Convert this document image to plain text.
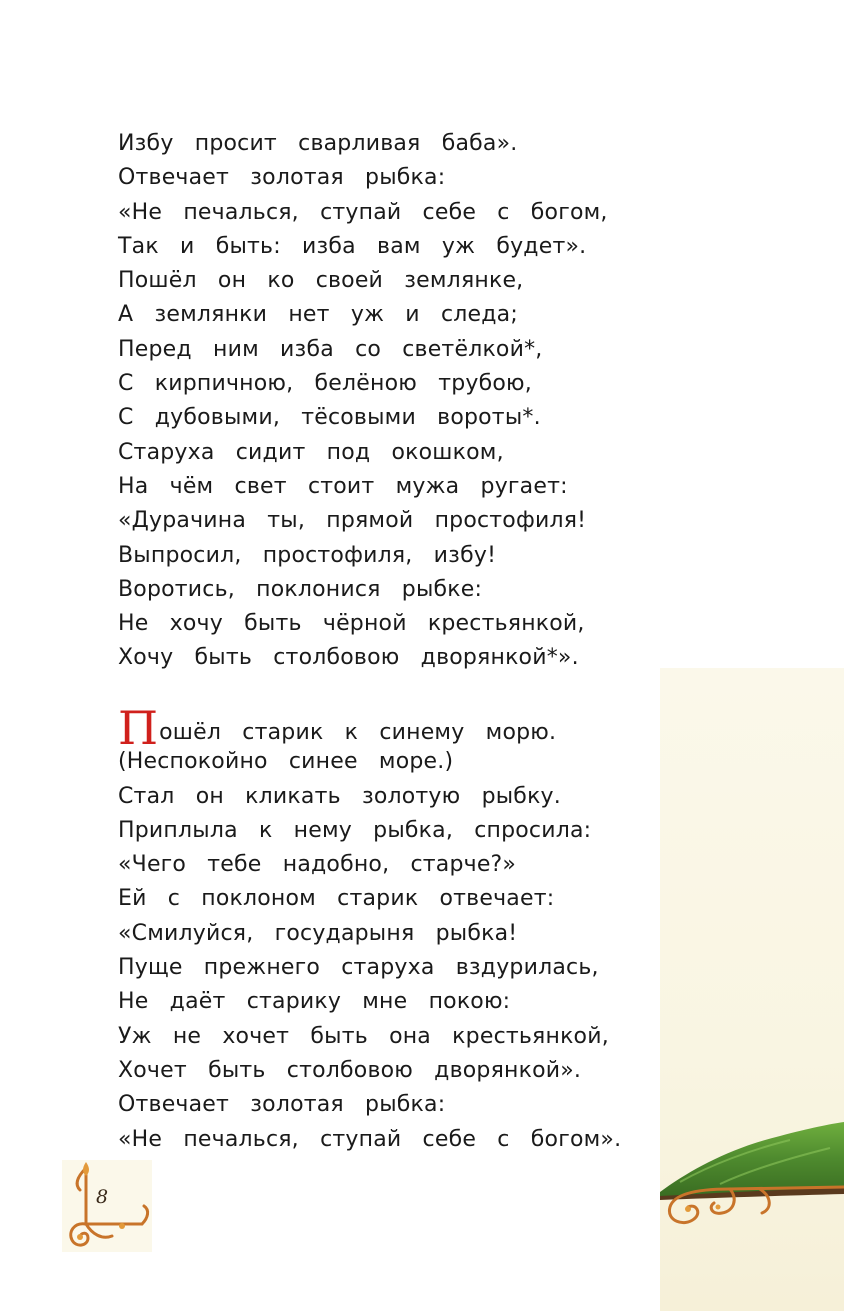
8
Избу просит сварливая баба».
Отвечает золотая рыбка:
«Не печалься, ступай себе с богом,
Так и быть: изба вам уж будет».
Пошёл он ко своей землянке,
А землянки нет уж и следа;
Перед ним изба со светёлкой*,
С кирпичною, белёною трубою,
С дубовыми, тёсовыми вороты*.
Старуха сидит под окошком,
На чём свет стоит мужа ругает:
«Дурачина ты, прямой простофиля!
Выпросил, простофиля, избу!
Воротись, поклонися рыбке:
Не хочу быть чёрной крестьянкой,
Хочу быть столбовою дворянкой*».
Пошёл старик к синему морю.
(Неспокойно синее море.)
Стал он кликать золотую рыбку.
Приплыла к нему рыбка, спросила:
«Чего тебе надобно, старче?»
Ей с поклоном старик отвечает:
«Смилуйся, государыня рыбка!
Пуще прежнего старуха вздурилась,
Не даёт старику мне покою:
Уж не хочет быть она крестьянкой,
Хочет быть столбовою дворянкой».
Отвечает золотая рыбка:
«Не печалься, ступай себе с богом».
